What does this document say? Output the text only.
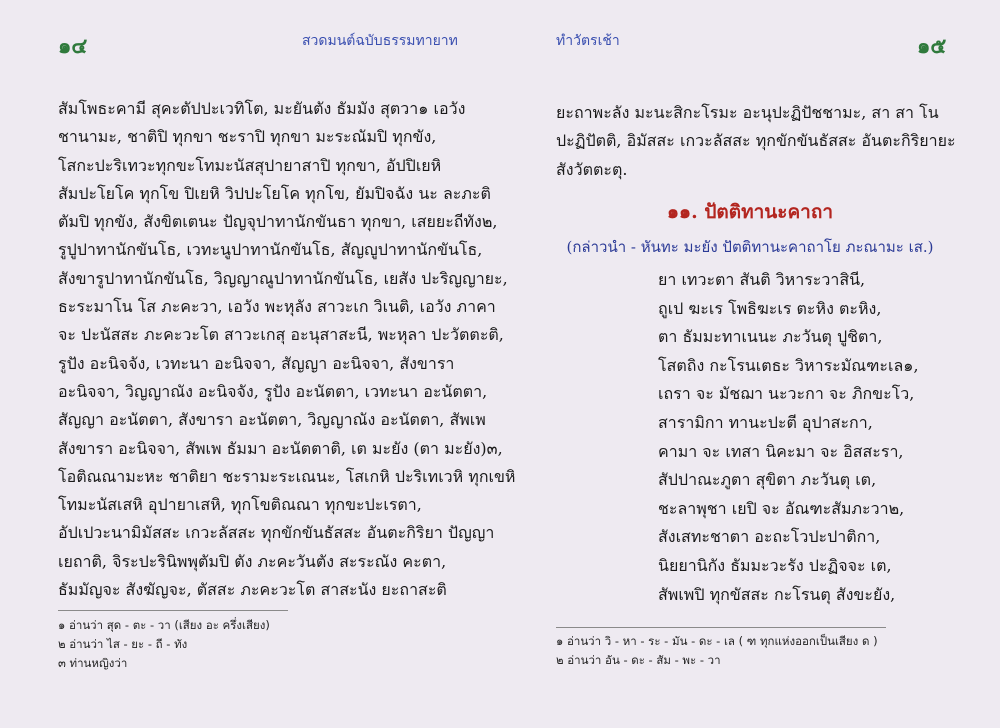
๑๔	สวดมนต์ฉบับธรรมทายาท
สัมโพธะคามี สุคะตัปปะเวทิโต, มะยันตัง ธัมมัง สุตวา๑ เอวัง
ชานามะ, ชาติปิ ทุกขา ชะราปิ ทุกขา มะระณัมปิ ทุกขัง,
โสกะปะริเทวะทุกขะโทมะนัสสุปายาสาปิ ทุกขา, อัปปิเยหิ
สัมปะโยโค ทุกโข ปิเยหิ วิปปะโยโค ทุกโข, ยัมปิจฉัง นะ ละภะติ
ตัมปิ ทุกขัง, สังขิตเตนะ ปัญจุปาทานักขันธา ทุกขา, เสยยะถีทัง๒,
รูปูปาทานักขันโธ, เวทะนูปาทานักขันโธ, สัญญูปาทานักขันโธ,
สังขารูปาทานักขันโธ, วิญญาณูปาทานักขันโธ, เยสัง ปะริญญายะ,
ธะระมาโน โส ภะคะวา, เอวัง พะหุลัง สาวะเก วิเนติ, เอวัง ภาคา
จะ ปะนัสสะ ภะคะวะโต สาวะเกสุ อะนุสาสะนี, พะหุลา ปะวัตตะติ,
รูปัง อะนิจจัง, เวทะนา อะนิจจา, สัญญา อะนิจจา, สังขารา
อะนิจจา, วิญญาณัง อะนิจจัง, รูปัง อะนัตตา, เวทะนา อะนัตตา,
สัญญา อะนัตตา, สังขารา อะนัตตา, วิญญาณัง อะนัตตา, สัพเพ
สังขารา อะนิจจา, สัพเพ ธัมมา อะนัตตาติ, เต มะยัง (ตา มะยัง)๓,
โอติณณามะหะ ชาติยา ชะรามะระเณนะ, โสเกหิ ปะริเทเวหิ ทุกเขหิ
โทมะนัสเสหิ อุปายาเสหิ, ทุกโขติณณา ทุกขะปะเรตา,
อัปเปวะนามิมัสสะ เกวะลัสสะ ทุกขักขันธัสสะ อันตะกิริยา ปัญญา
เยถาติ, จิระปะรินิพพุตัมปิ ตัง ภะคะวันตัง สะระณัง คะตา,
ธัมมัญจะ สังฆัญจะ, ตัสสะ ภะคะวะโต สาสะนัง ยะถาสะติ
๑ อ่านว่า สุด - ตะ - วา (เสียง อะ ครึ่งเสียง)
๒ อ่านว่า ไส - ยะ - ถี - ทัง
๓ ท่านหญิงว่า
ทำวัตรเช้า	๑๕
ยะถาพะลัง มะนะสิกะโรมะ อะนุปะฏิปัชชามะ, สา สา โน
ปะฏิปัตติ, อิมัสสะ เกวะลัสสะ ทุกขักขันธัสสะ อันตะกิริยายะ
สังวัตตะตุ.
๑๑. ปัตติทานะคาถา
(กล่าวนำ - หันทะ มะยัง ปัตติทานะคาถาโย ภะณามะ เส.)
ยา เทวะตา สันติ วิหาระวาสินี,
ถูเป ฆะเร โพธิฆะเร ตะหิง ตะหิง,
ตา ธัมมะทาเนนะ ภะวันตุ ปูชิตา,
โสตถิง กะโรนเตธะ วิหาระมัณฑะเล๑,
เถรา จะ มัชฌา นะวะกา จะ ภิกขะโว,
สารามิกา ทานะปะตี อุปาสะกา,
คามา จะ เทสา นิคะมา จะ อิสสะรา,
สัปปาณะภูตา สุขิตา ภะวันตุ เต,
ชะลาพุชา เยปิ จะ อัณฑะสัมภะวา๒,
สังเสทะชาตา อะถะโวปะปาติกา,
นิยยานิกัง ธัมมะวะรัง ปะฏิจจะ เต,
สัพเพปิ ทุกขัสสะ กะโรนตุ สังขะยัง,
๑ อ่านว่า วิ - หา - ระ - มัน - ดะ - เล ( ฑ ทุกแห่งออกเป็นเสียง ด )
๒ อ่านว่า อัน - ดะ - สัม - พะ - วา
